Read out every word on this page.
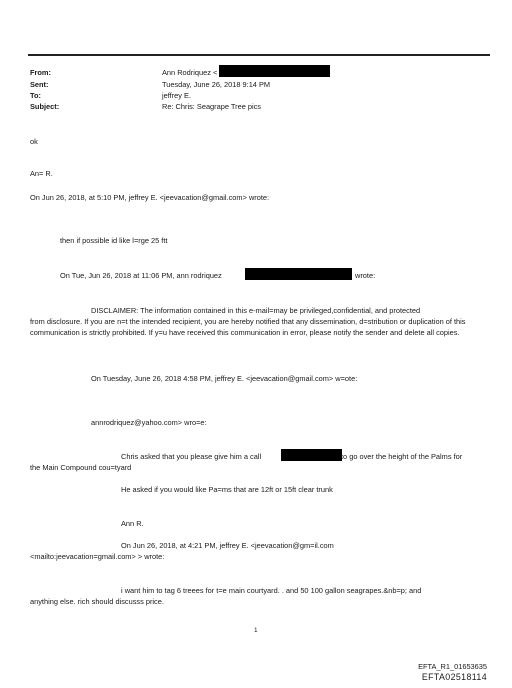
From:
Sent:
To:
Subject:
Ann Rodriquez <
Tuesday, June 26, 2018 9:14 PM
jeffrey E.
Re: Chris: Seagrape Tree pics
ok
An= R.
On Jun 26, 2018, at 5:10 PM, jeffrey E. <jeevacation@gmail.com> wrote:
then if possible id like l=rge 25 ftt
On Tue, Jun 26, 2018 at 11:06 PM, ann rodriquez	wrote:
DISCLAIMER: The information contained in this e-mail=may be privileged,confidential, and protected
from disclosure. If you are n=t the intended recipient, you are hereby notified that any dissemination, d=stribution or duplication of this communication is strictly prohibited. If y=u have received this communication in error, please notify the sender and delete all copies.
On Tuesday, June 26, 2018 4:58 PM, jeffrey E. <jeevacation@gmail.com> w=ote:
annrodriquez@yahoo.com> wro=e:
Chris asked that you please give him a call	to go over the height of the Palms for
the Main Compound cou=tyard
He asked if you would like Pa=ms that are 12ft or 15ft clear trunk
Ann R.
On Jun 26, 2018, at 4:21 PM, jeffrey E. <jeevacation@gm=il.com
<mailto:jeevacation=gmail.com> > wrote:
i want him to tag 6 treees for t=e main courtyard. . and 50 100 gallon seagrapes.&nb=p; and
anything else. rich should discusss price.
1
EFTA_R1_01653635
EFTA02518114
